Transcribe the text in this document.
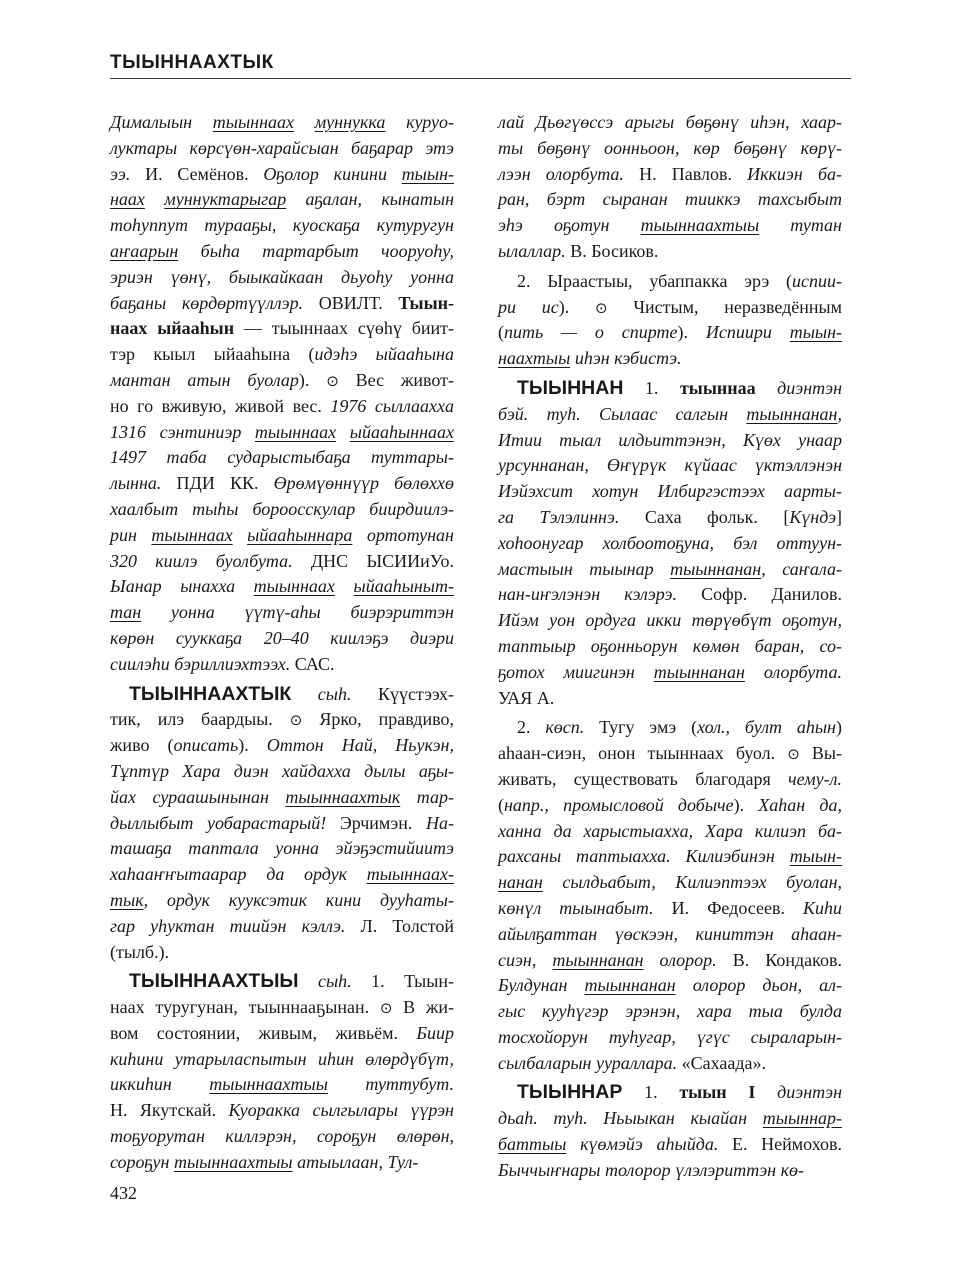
ТЫЫННААХТЫК
Дималыын тыыннаах муннукка куруо-
луктары көрсүөн-харайсыан баҕарар этэ
ээ. И. Семёнов. Оҕолор кинини тыын-
наах муннуктарыгар аҕалан, кынатын
тоһуппут турааҕы, куоскаҕа кутуругун
аҥаарын быһа тартарбыт чооруоһу,
эриэн үөнү, быыкайкаан дьуоһу уонна
баҕаны көрдөртүүллэр. ОВИЛТ. Тыын-
наах ыйааһын — тыыннаах сүөһү биит-
тэр кыыл ыйааһына (идэһэ ыйааһына
мантан атын буолар). ⊙ Вес живот-
но го вживую, живой вес. 1976 сыллааххa
1316 сэнтиниэр тыыннаах ыйааһыннаах
1497 таба сударыстыбаҕа туттары-
лынна. ПДИ КК. Өрөмүөннүүр бөлөххө
хаалбыт тыһы бороосскулар биирдиилэ-
рин тыыннаах ыйааһыннара ортотунан
320 киилэ буолбута. ДНС ЫСИИиУо.
Ыанар ынахха тыыннаах ыйааһыныт-
тан уонна үүтү-аһы биэрэриттэн
көрөн сууккаҕа 20–40 киилэҕэ диэри
сиилэһи бэриллиэхтээх. САС.
ТЫЫННААХТЫК сыһ. Күүстээх-
тик, илэ баардыы. ⊙ Ярко, правдиво,
живо (описать). Оттон Най, Ньукэн,
Тұптүр Хара диэн хайдахха дылы аҕы-
йах сураашынынан тыыннаахтык тар-
дыллыбыт уобарастарый! Эрчимэн. На-
ташаҕа таптала уонна эйэҕэстийиитэ
хаһааҥҥытаарар да ордук тыыннаах-
тык, ордук кууксэтик кини дууһаты-
гар уһуктан тиийэн кэллэ. Л. Толстой
(тылб.).
ТЫЫННААХТЫЫ сыһ. 1. Тыын-
наах туругунан, тыыннааҕынан. ⊙ В жи-
вом состоянии, живым, живьём. Биир
киһини утарыласпытын иһин өлөрдүбүт,
иккиһин тыыннаахтыы туттубут.
Н. Якутскай. Куоракка сылгылары үүрэн
тоҕуорутан киллэрэн, сороҕун өлөрөн,
сороҕун тыыннаахтыы атыылаан, Тул-
лай Дьөгүөссэ арыгы бөҕөнү иһэн, хаар-
ты бөҕөнү оонньоон, көр бөҕөнү көрү-
лээн олорбута. Н. Павлов. Иккиэн ба-
ран, бэрт сыранан тииккэ тахсыбыт
эһэ оҕотун тыыннаахтыы тутан
ылаллар. В. Босиков.
2. Ыраастыы, убаппакка эрэ (испии-
ри ис). ⊙ Чистым, неразведённым
(пить — о спирте). Испиири тыын-
наахтыы иһэн кэбистэ.
ТЫЫННАН 1. тыыннаа диэнтэн
бэй. туһ. Сылаас салгын тыыннанан,
Итии тыал илдьиттэнэн, Күөх унаар
урсуннанан, Өҥүрүк күйаас үктэллэнэн
Иэйэхсит хотун Илбиргэстээх аарты-
га Тэлэлиннэ. Саха фольк. [Күндэ]
хоһоонугар холбоотоҕуна, бэл оттуун-
мастыын тыынар тыыннанан, саҥала-
нан-иҥэлэнэн кэлэрэ. Софр. Данилов.
Ийэм уон ордуга икки төрүөбүт оҕотун,
таптыыр оҕонньорун көмөн баран, со-
ҕотох миигинэн тыыннанан олорбута.
УАЯ А.
2. көсп. Тугу эмэ (хол., булт аһын)
аһаан-сиэн, онон тыыннаах буол. ⊙ Вы-
живать, существовать благодаря чему-л.
(напр., промысловой добыче). Хаһан да,
ханна да харыстыаххa, Хара килиэп ба-
рахсаны таптыахха. Килиэбинэн тыын-
нанан сылдьабыт, Килиэптээх буолан,
көнүл тыынабыт. И. Федосеев. Киһи
айылҕаттан үөскээн, киниттэн аһаан-
сиэн, тыыннанан олорор. В. Кондаков.
Булдунан тыыннанан олорор дьон, ал-
гыс кууһүгэр эрэнэн, хара тыа булда
тосхойорун туһугар, үгүс сыраларын-
сылбаларын ууралларa. «Сахаада».
ТЫЫННАР 1. тыын I диэнтэн
дьаһ. туһ. Ньыыкан кыайан тыыннар-
баттыы күөмэйэ аһыйда. Е. Неймохов.
Быччыҥнары толорор үлэлэриттэн кө-
432
